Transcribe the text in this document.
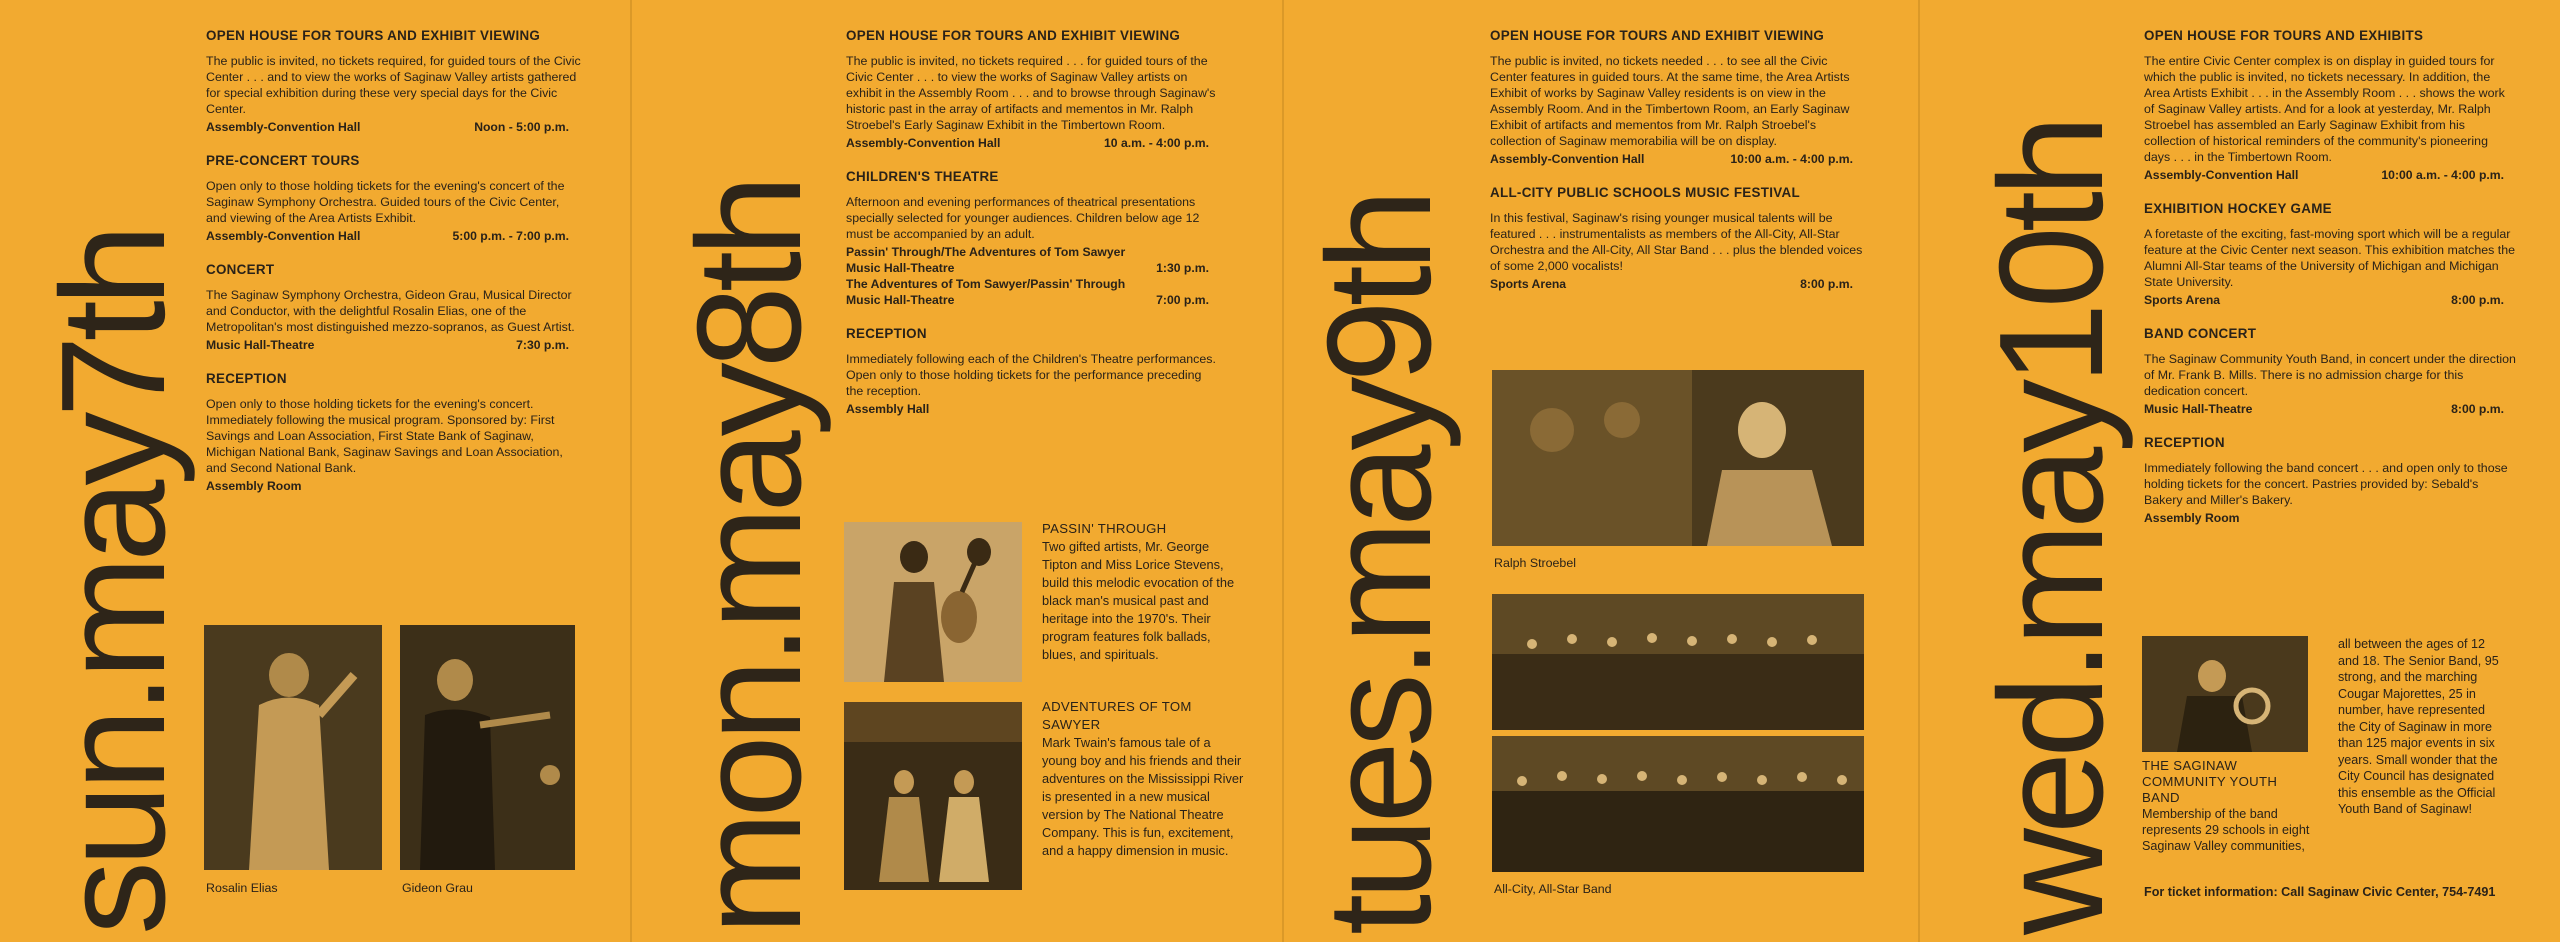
sun.may7th
OPEN HOUSE FOR TOURS AND EXHIBIT VIEWING
The public is invited, no tickets required, for guided tours of the Civic Center . . . and to view the works of Saginaw Valley artists gathered for special exhibition during these very special days for the Civic Center.
Assembly-Convention Hall	Noon - 5:00 p.m.
PRE-CONCERT TOURS
Open only to those holding tickets for the evening's concert of the Saginaw Symphony Orchestra. Guided tours of the Civic Center, and viewing of the Area Artists Exhibit.
Assembly-Convention Hall	5:00 p.m. - 7:00 p.m.
CONCERT
The Saginaw Symphony Orchestra, Gideon Grau, Musical Director and Conductor, with the delightful Rosalin Elias, one of the Metropolitan's most distinguished mezzo-sopranos, as Guest Artist.
Music Hall-Theatre	7:30 p.m.
RECEPTION
Open only to those holding tickets for the evening's concert. Immediately following the musical program. Sponsored by: First Savings and Loan Association, First State Bank of Saginaw, Michigan National Bank, Saginaw Savings and Loan Association, and Second National Bank.
Assembly Room
Rosalin Elias	Gideon Grau mon.may8th
OPEN HOUSE FOR TOURS AND EXHIBIT VIEWING
The public is invited, no tickets required . . . for guided tours of the Civic Center . . . to view the works of Saginaw Valley artists on exhibit in the Assembly Room . . . and to browse through Saginaw's historic past in the array of artifacts and mementos in Mr. Ralph Stroebel's Early Saginaw Exhibit in the Timbertown Room.
Assembly-Convention Hall	10 a.m. - 4:00 p.m.
CHILDREN'S THEATRE
Afternoon and evening performances of theatrical presentations specially selected for younger audiences. Children below age 12 must be accompanied by an adult.
Passin' Through/The Adventures of Tom Sawyer
Music Hall-Theatre	1:30 p.m.
The Adventures of Tom Sawyer/Passin' Through
Music Hall-Theatre	7:00 p.m.
RECEPTION
Immediately following each of the Children's Theatre performances. Open only to those holding tickets for the performance preceding the reception.
Assembly Hall
PASSIN' THROUGH
Two gifted artists, Mr. George Tipton and Miss Lorice Stevens, build this melodic evocation of the black man's musical past and heritage into the 1970's. Their program features folk ballads, blues, and spirituals.
ADVENTURES OF TOM SAWYER
Mark Twain's famous tale of a young boy and his friends and their adventures on the Mississippi River is presented in a new musical version by The National Theatre Company. This is fun, excitement, and a happy dimension in music. tues.may9th
OPEN HOUSE FOR TOURS AND EXHIBIT VIEWING
The public is invited, no tickets needed . . . to see all the Civic Center features in guided tours. At the same time, the Area Artists Exhibit of works by Saginaw Valley residents is on view in the Assembly Room. And in the Timbertown Room, an Early Saginaw Exhibit of artifacts and mementos from Mr. Ralph Stroebel's collection of Saginaw memorabilia will be on display.
Assembly-Convention Hall	10:00 a.m. - 4:00 p.m.
ALL-CITY PUBLIC SCHOOLS MUSIC FESTIVAL
In this festival, Saginaw's rising younger musical talents will be featured . . . instrumentalists as members of the All-City, All-Star Orchestra and the All-City, All Star Band . . . plus the blended voices of some 2,000 vocalists!
Sports Arena	8:00 p.m.
Ralph Stroebel
All-City, All-Star Band wed.may10th
OPEN HOUSE FOR TOURS AND EXHIBITS
The entire Civic Center complex is on display in guided tours for which the public is invited, no tickets necessary. In addition, the Area Artists Exhibit . . . in the Assembly Room . . . shows the work of Saginaw Valley artists. And for a look at yesterday, Mr. Ralph Stroebel has assembled an Early Saginaw Exhibit from his collection of historical reminders of the community's pioneering days . . . in the Timbertown Room.
Assembly-Convention Hall	10:00 a.m. - 4:00 p.m.
EXHIBITION HOCKEY GAME
A foretaste of the exciting, fast-moving sport which will be a regular feature at the Civic Center next season. This exhibition matches the Alumni All-Star teams of the University of Michigan and Michigan State University.
Sports Arena	8:00 p.m.
BAND CONCERT
The Saginaw Community Youth Band, in concert under the direction of Mr. Frank B. Mills. There is no admission charge for this dedication concert.
Music Hall-Theatre	8:00 p.m.
RECEPTION
Immediately following the band concert . . . and open only to those holding tickets for the concert. Pastries provided by: Sebald's Bakery and Miller's Bakery.
Assembly Room
THE SAGINAW COMMUNITY YOUTH BAND
Membership of the band represents 29 schools in eight Saginaw Valley communities,
all between the ages of 12 and 18. The Senior Band, 95 strong, and the marching Cougar Majorettes, 25 in number, have represented the City of Saginaw in more than 125 major events in six years. Small wonder that the City Council has designated this ensemble as the Official Youth Band of Saginaw!
For ticket information: Call Saginaw Civic Center, 754-7491
